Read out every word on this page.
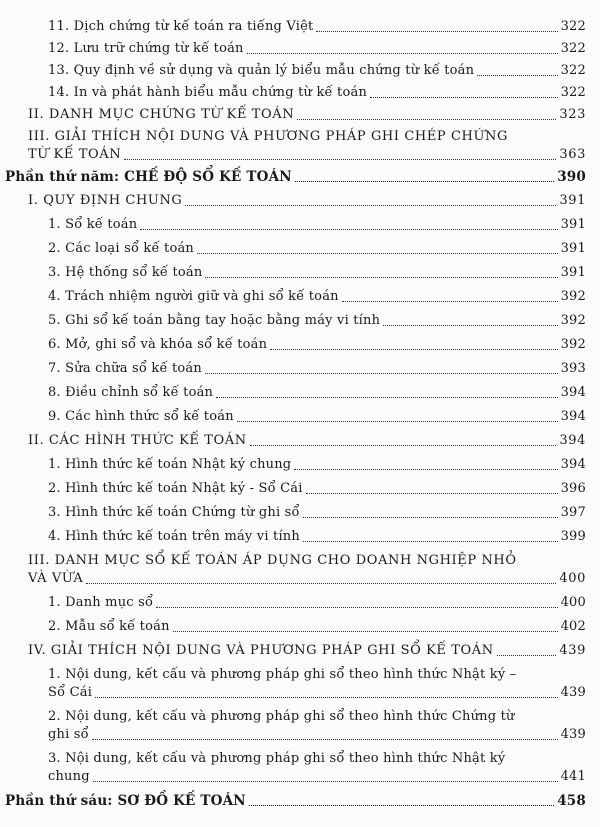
11. Dịch chứng từ kế toán ra tiếng Việt	322
12. Lưu trữ chứng từ kế toán	322
13. Quy định về sử dụng và quản lý biểu mẫu chứng từ kế toán	322
14. In và phát hành biểu mẫu chứng từ kế toán	322
II. DANH MỤC CHỨNG TỪ KẾ TOÁN	323
III. GIẢI THÍCH NỘI DUNG VÀ PHƯƠNG PHÁP GHI CHÉP CHỨNG
TỪ KẾ TOÁN	363
Phần thứ năm: CHẾ ĐỘ SỔ KẾ TOÁN	390
I. QUY ĐỊNH CHUNG	391
1. Sổ kế toán	391
2. Các loại sổ kế toán	391
3. Hệ thống sổ kế toán	391
4. Trách nhiệm người giữ và ghi sổ kế toán	392
5. Ghi sổ kế toán bằng tay hoặc bằng máy vi tính	392
6. Mở, ghi sổ và khóa sổ kế toán	392
7. Sửa chữa sổ kế toán	393
8. Điều chỉnh sổ kế toán	394
9. Các hình thức sổ kế toán	394
II. CÁC HÌNH THỨC KẾ TOÁN	394
1. Hình thức kế toán Nhật ký chung	394
2. Hình thức kế toán Nhật ký - Sổ Cái	396
3. Hình thức kế toán Chứng từ ghi sổ	397
4. Hình thức kế toán trên máy vi tính	399
III. DANH MỤC SỔ KẾ TOÁN ÁP DỤNG CHO DOANH NGHIỆP NHỎ
VÀ VỪA	400
1. Danh mục sổ	400
2. Mẫu sổ kế toán	402
IV. GIẢI THÍCH NỘI DUNG VÀ PHƯƠNG PHÁP GHI SỔ KẾ TOÁN	439
1. Nội dung, kết cấu và phương pháp ghi sổ theo hình thức Nhật ký –
Sổ Cái	439
2. Nội dung, kết cấu và phương pháp ghi sổ theo hình thức Chứng từ
ghi sổ	439
3. Nội dung, kết cấu và phương pháp ghi sổ theo hình thức Nhật ký
chung	441
Phần thứ sáu: SƠ ĐỒ KẾ TOÁN	458
